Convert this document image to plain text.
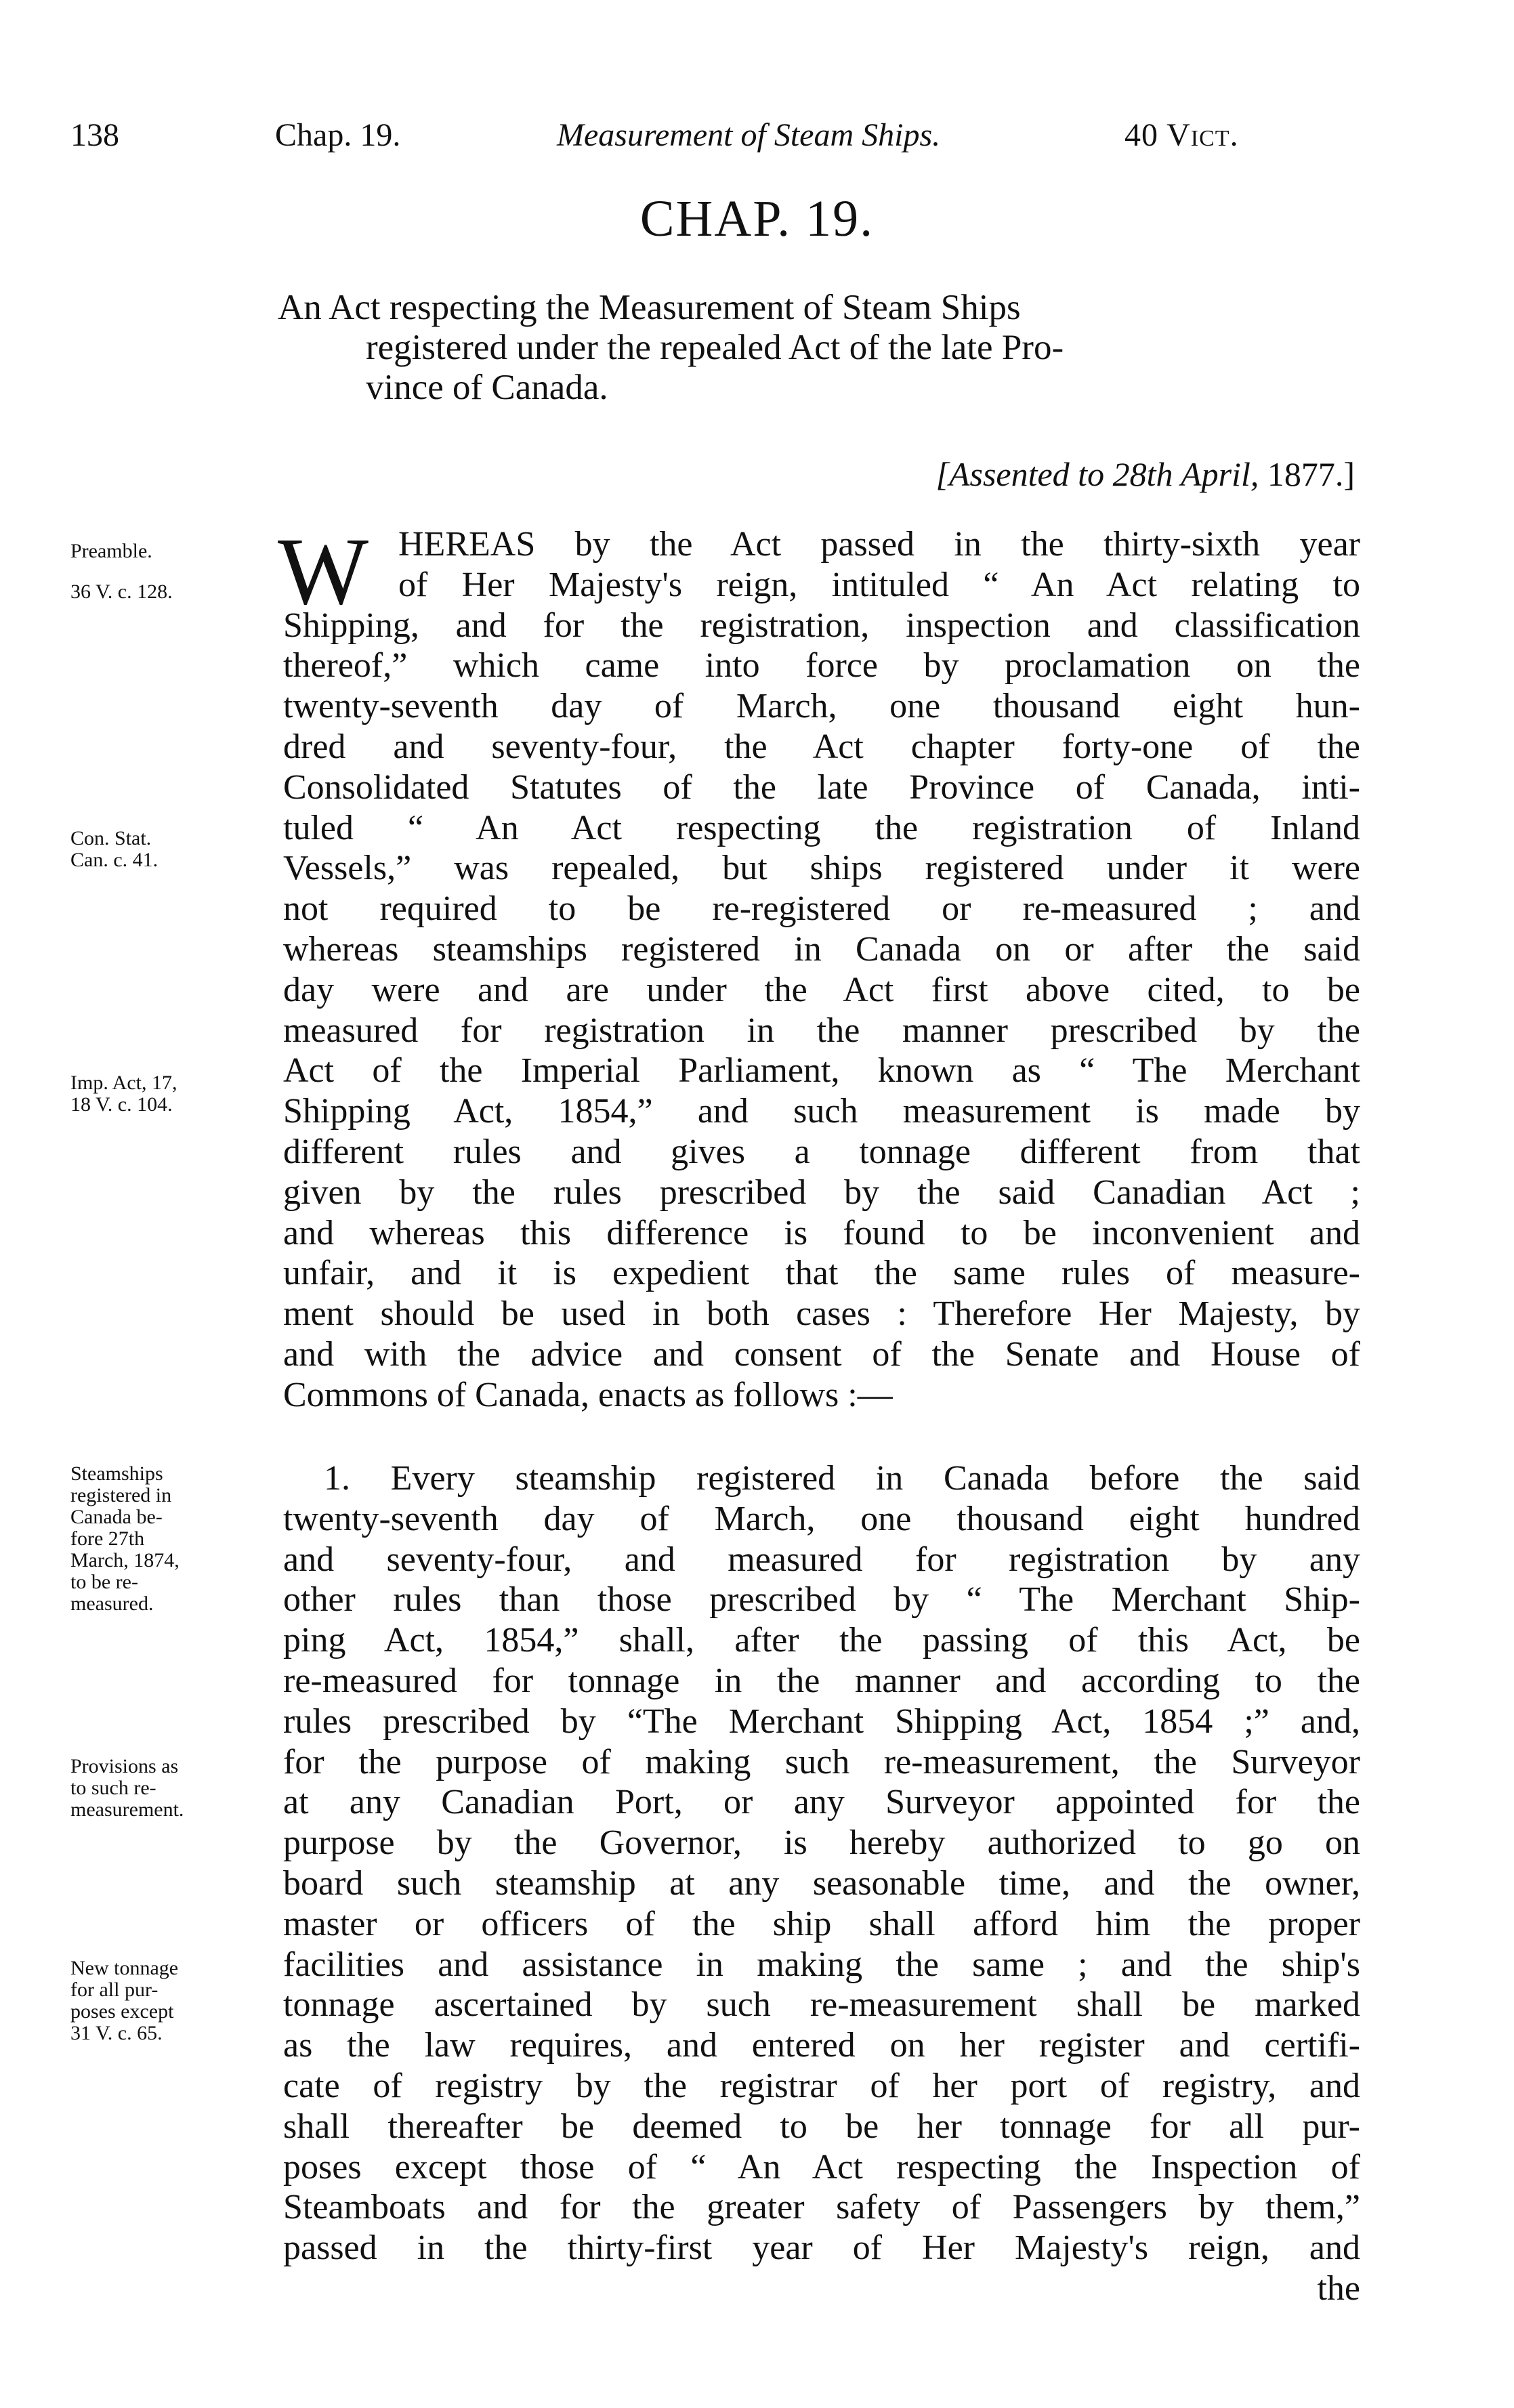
138	Chap. 19.	Measurement of Steam Ships.	40 Vict.
CHAP. 19.
An Act respecting the Measurement of Steam Ships
registered under the repealed Act of the late Pro-
vince of Canada.
[Assented to 28th April, 1877.]
Preamble.
36 V. c. 128.
Con. Stat.
Can. c. 41.
Imp. Act, 17,
18 V. c. 104.
Steamships
registered in
Canada be-
fore 27th
March, 1874,
to be re-
measured.
Provisions as
to such re-
measurement.
New tonnage
for all pur-
poses except
31 V. c. 65.
W HEREAS by the Act passed in the thirty-sixth year
of Her Majesty's reign, intituled “ An Act relating to
Shipping, and for the registration, inspection and classification
thereof,” which came into force by proclamation on the
twenty-seventh day of March, one thousand eight hun-
dred and seventy-four, the Act chapter forty-one of the
Consolidated Statutes of the late Province of Canada, inti-
tuled “ An Act respecting the registration of Inland
Vessels,” was repealed, but ships registered under it were
not required to be re-registered or re-measured ; and
whereas steamships registered in Canada on or after the said
day were and are under the Act first above cited, to be
measured for registration in the manner prescribed by the
Act of the Imperial Parliament, known as “ The Merchant
Shipping Act, 1854,” and such measurement is made by
different rules and gives a tonnage different from that
given by the rules prescribed by the said Canadian Act ;
and whereas this difference is found to be inconvenient and
unfair, and it is expedient that the same rules of measure-
ment should be used in both cases : Therefore Her Majesty, by
and with the advice and consent of the Senate and House of
Commons of Canada, enacts as follows :—
1. Every steamship registered in Canada before the said
twenty-seventh day of March, one thousand eight hundred
and seventy-four, and measured for registration by any
other rules than those prescribed by “ The Merchant Ship-
ping Act, 1854,” shall, after the passing of this Act, be
re-measured for tonnage in the manner and according to the
rules prescribed by “The Merchant Shipping Act, 1854 ;” and,
for the purpose of making such re-measurement, the Surveyor
at any Canadian Port, or any Surveyor appointed for the
purpose by the Governor, is hereby authorized to go on
board such steamship at any seasonable time, and the owner,
master or officers of the ship shall afford him the proper
facilities and assistance in making the same ; and the ship's
tonnage ascertained by such re-measurement shall be marked
as the law requires, and entered on her register and certifi-
cate of registry by the registrar of her port of registry, and
shall thereafter be deemed to be her tonnage for all pur-
poses except those of “ An Act respecting the Inspection of
Steamboats and for the greater safety of Passengers by them,”
passed in the thirty-first year of Her Majesty's reign, and
the
